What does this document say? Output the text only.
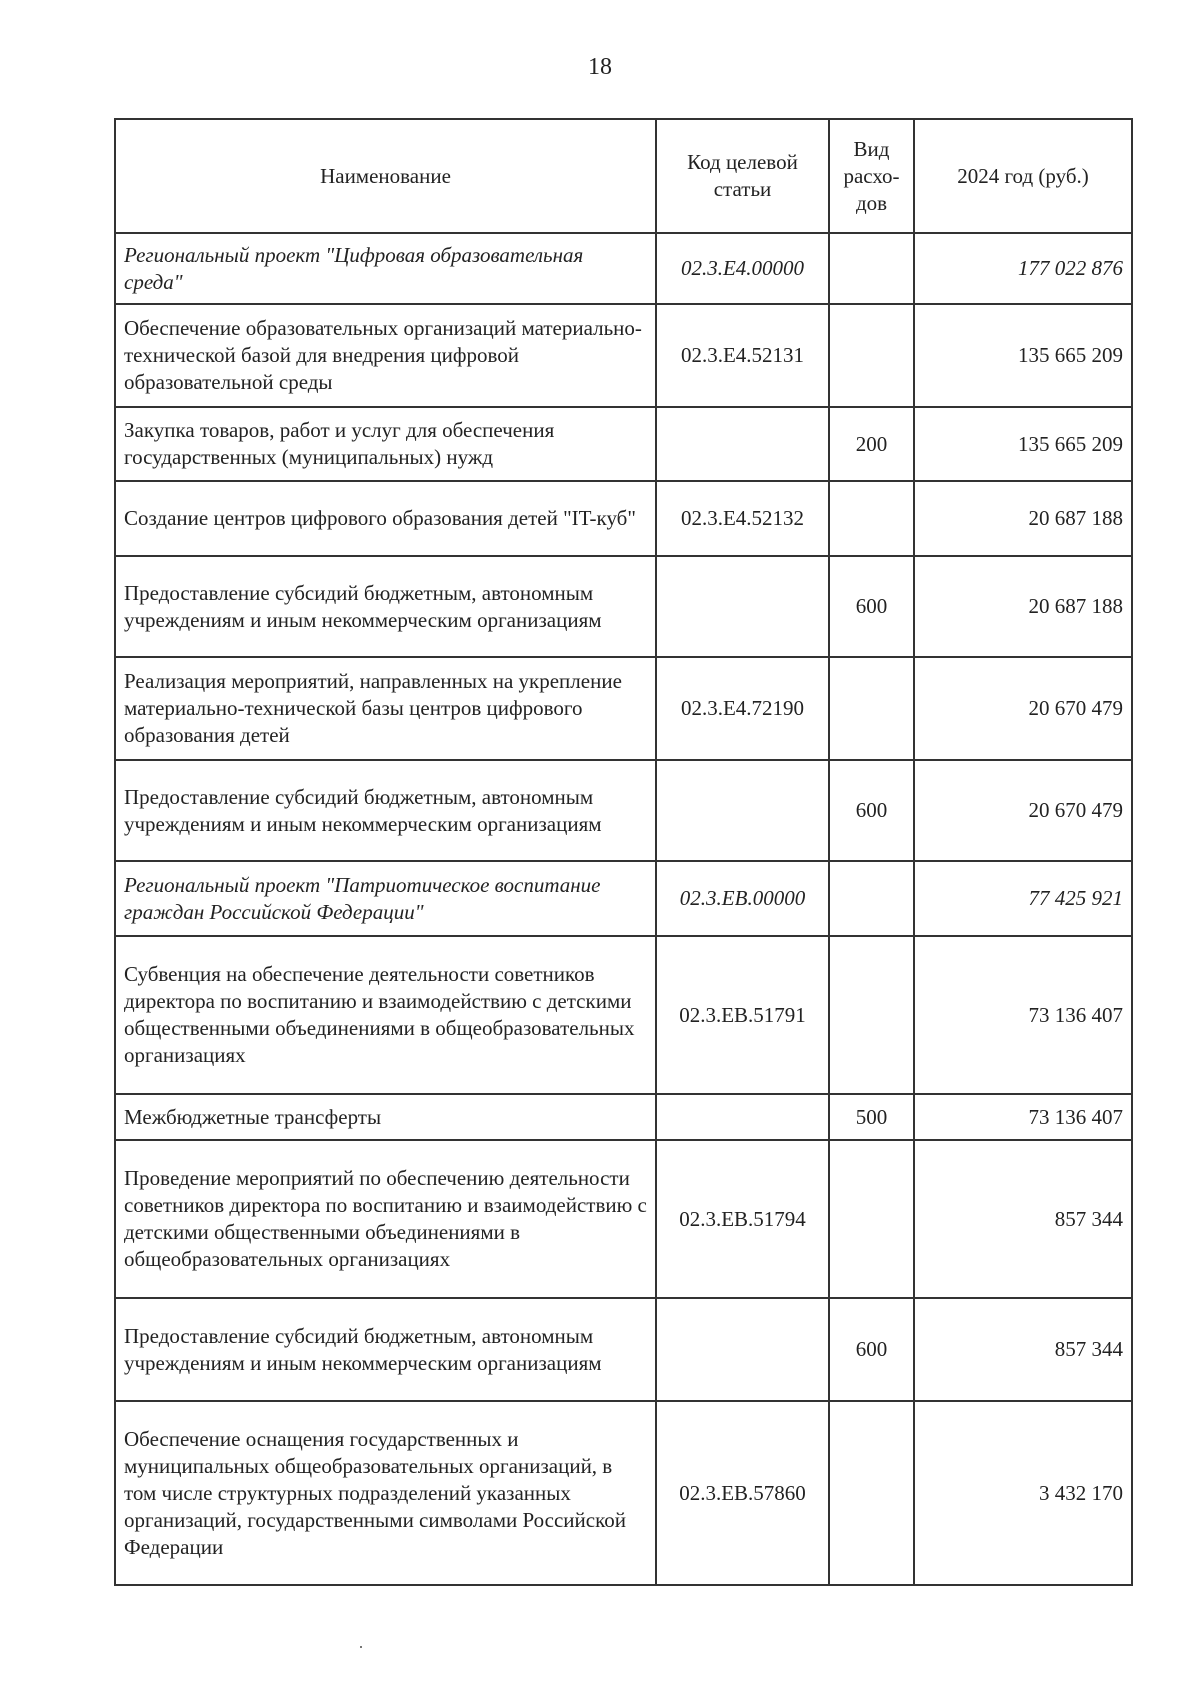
18
Наименование	Код целевой статьи	Вид расхо-дов	2024 год (руб.)
Региональный проект "Цифровая образовательная среда"	02.3.Е4.00000		177 022 876
Обеспечение образовательных организаций материально-технической базой для внедрения цифровой образовательной среды	02.3.Е4.52131		135 665 209
Закупка товаров, работ и услуг для обеспечения государственных (муниципальных) нужд		200	135 665 209
Создание центров цифрового образования детей "IT-куб"	02.3.Е4.52132		20 687 188
Предоставление субсидий бюджетным, автономным учреждениям и иным некоммерческим организациям		600	20 687 188
Реализация мероприятий, направленных на укрепление материально-технической базы центров цифрового образования детей	02.3.Е4.72190		20 670 479
Предоставление субсидий бюджетным, автономным учреждениям и иным некоммерческим организациям		600	20 670 479
Региональный проект "Патриотическое воспитание граждан Российской Федерации"	02.3.ЕВ.00000		77 425 921
Субвенция на обеспечение деятельности советников директора по воспитанию и взаимодействию с детскими общественными объединениями в общеобразовательных организациях	02.3.ЕВ.51791		73 136 407
Межбюджетные трансферты		500	73 136 407
Проведение мероприятий по обеспечению деятельности советников директора по воспитанию и взаимодействию с детскими общественными объединениями в общеобразовательных организациях	02.3.ЕВ.51794		857 344
Предоставление субсидий бюджетным, автономным учреждениям и иным некоммерческим организациям		600	857 344
Обеспечение оснащения государственных и муниципальных общеобразовательных организаций, в том числе структурных подразделений указанных организаций, государственными символами Российской Федерации	02.3.ЕВ.57860		3 432 170
